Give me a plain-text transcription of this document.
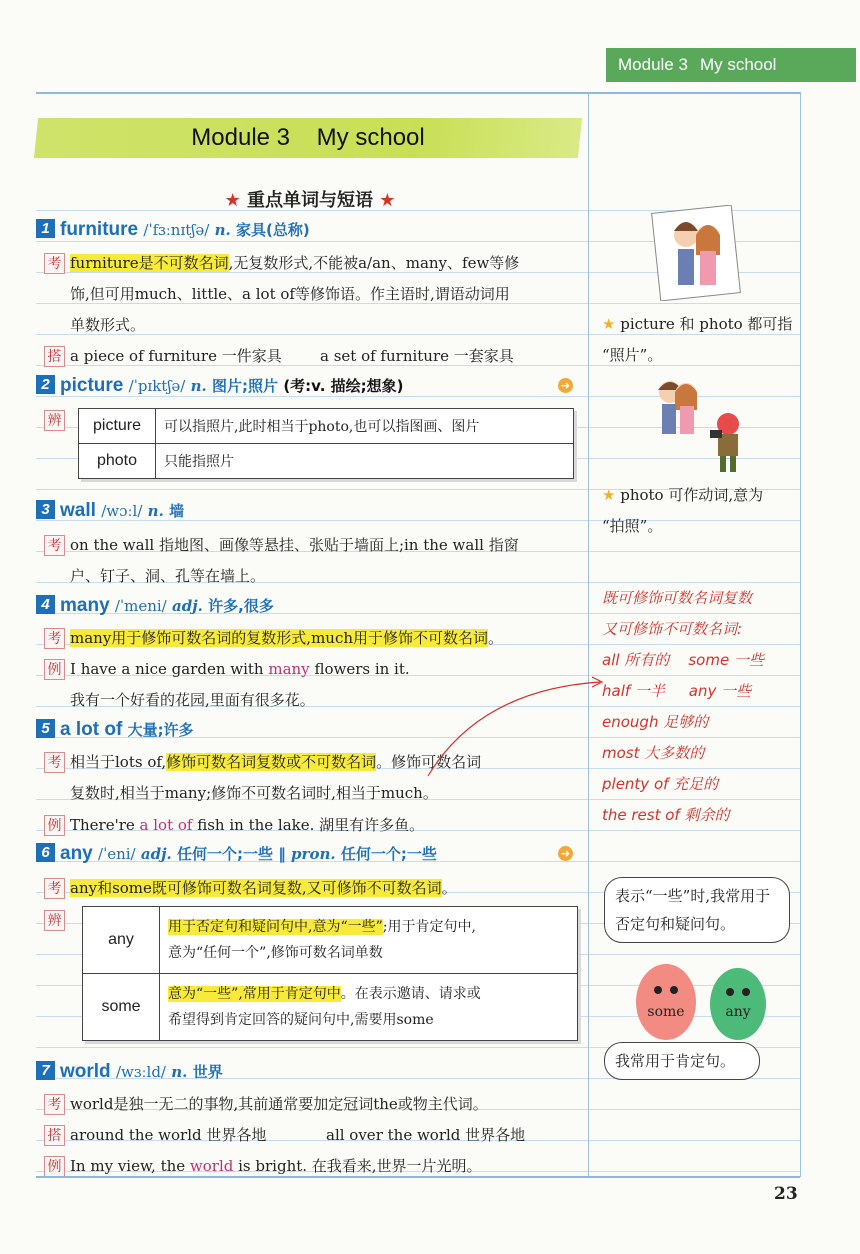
Module 3 My school
Module 3    My school
★ 重点单词与短语 ★
1 furniture /ˈfɜːnɪtʃə/ n. 家具(总称)
考 furniture是不可数名词,无复数形式,不能被a/an、many、few等修
饰,但可用much、little、a lot of等修饰语。作主语时,谓语动词用
单数形式。
搭 a piece of furniture 一件家具	a set of furniture 一套家具
2 picture /ˈpɪktʃə/ n. 图片;照片 (考:v. 描绘;想象)	➜
辨 picture	可以指照片,此时相当于photo,也可以指图画、图片
photo	只能指照片
3 wall /wɔːl/ n. 墙
考 on the wall 指地图、画像等悬挂、张贴于墙面上;in the wall 指窗
户、钉子、洞、孔等在墙上。
4 many /ˈmeni/ adj. 许多,很多
考 many用于修饰可数名词的复数形式,much用于修饰不可数名词。
例 I have a nice garden with many flowers in it.
我有一个好看的花园,里面有很多花。
5 a lot of 大量;许多
考 相当于lots of,修饰可数名词复数或不可数名词。修饰可数名词
复数时,相当于many;修饰不可数名词时,相当于much。
例 There're a lot of fish in the lake. 湖里有许多鱼。
6 any /ˈeni/ adj. 任何一个;一些 ‖ pron. 任何一个;一些	➜
考 any和some既可修饰可数名词复数,又可修饰不可数名词。
辨
any	用于否定句和疑问句中,意为“一些”;用于肯定句中,
意为“任何一个”,修饰可数名词单数
some	意为“一些”,常用于肯定句中。在表示邀请、请求或
希望得到肯定回答的疑问句中,需要用some
7 world /wɜːld/ n. 世界
考 world是独一无二的事物,其前通常要加定冠词the或物主代词。
搭 around the world 世界各地	all over the world 世界各地
例 In my view, the world is bright. 在我看来,世界一片光明。
★ picture 和 photo 都可指
“照片”。
★ photo 可作动词,意为
“拍照”。
既可修饰可数名词复数
又可修饰不可数名词:
all 所有的    some 一些
half 一半     any 一些
enough 足够的
most 大多数的
plenty of 充足的
the rest of 剩余的
表示“一些”时,我常用于否定句和疑问句。
some	any
我常用于肯定句。
23
